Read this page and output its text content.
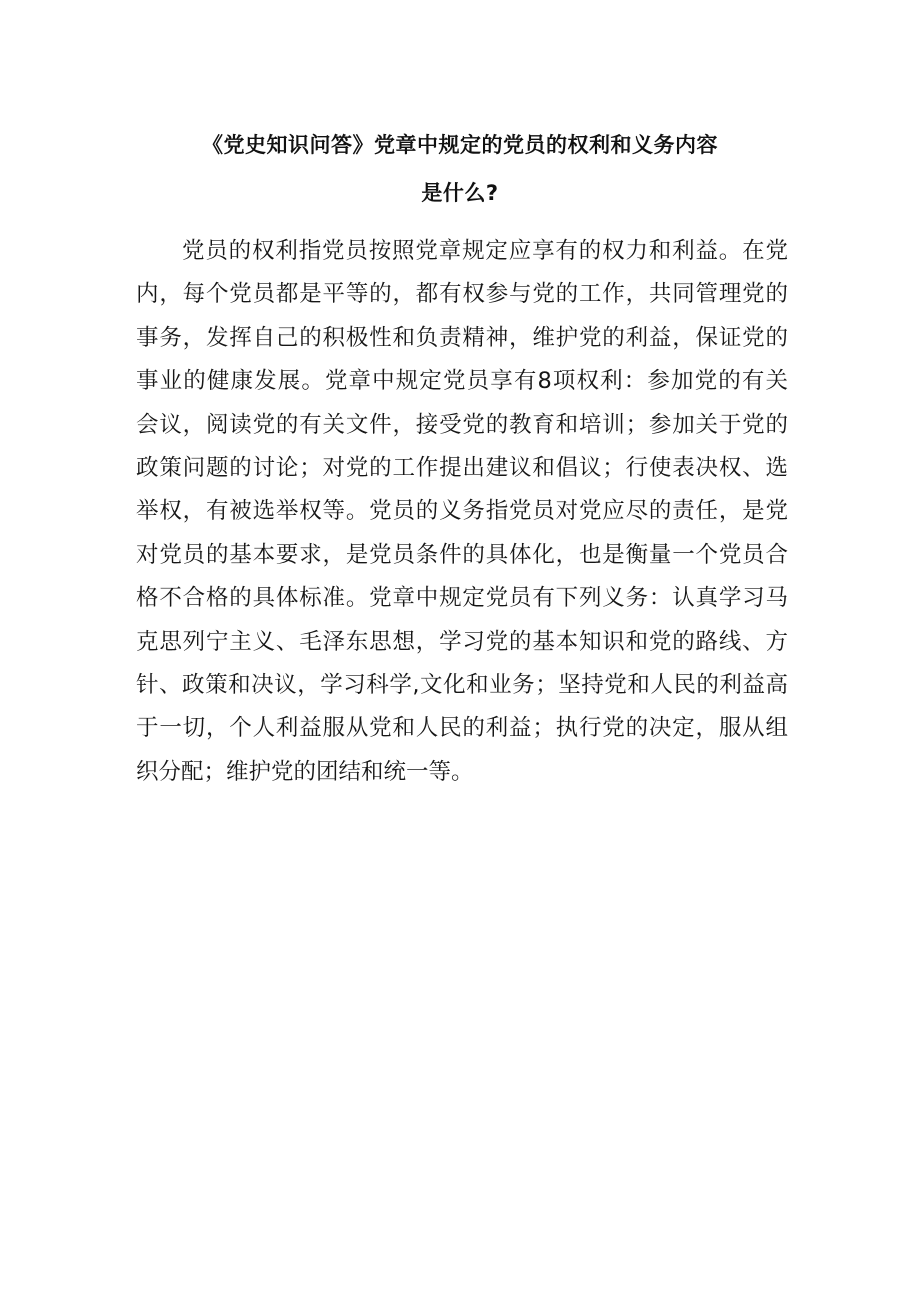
《党史知识问答》党章中规定的党员的权利和义务内容
是什么?
党员的权利指党员按照党章规定应享有的权力和利益。在党
内，每个党员都是平等的，都有权参与党的工作，共同管理党的
事务，发挥自己的积极性和负责精神，维护党的利益，保证党的
事业的健康发展。党章中规定党员享有8项权利：参加党的有关
会议，阅读党的有关文件，接受党的教育和培训；参加关于党的
政策问题的讨论；对党的工作提出建议和倡议；行使表决权、选
举权，有被选举权等。党员的义务指党员对党应尽的责任，是党
对党员的基本要求，是党员条件的具体化，也是衡量一个党员合
格不合格的具体标准。党章中规定党员有下列义务：认真学习马
克思列宁主义、毛泽东思想，学习党的基本知识和党的路线、方
针、政策和决议，学习科学,文化和业务；坚持党和人民的利益高
于一切，个人利益服从党和人民的利益；执行党的决定，服从组
织分配；维护党的团结和统一等。
